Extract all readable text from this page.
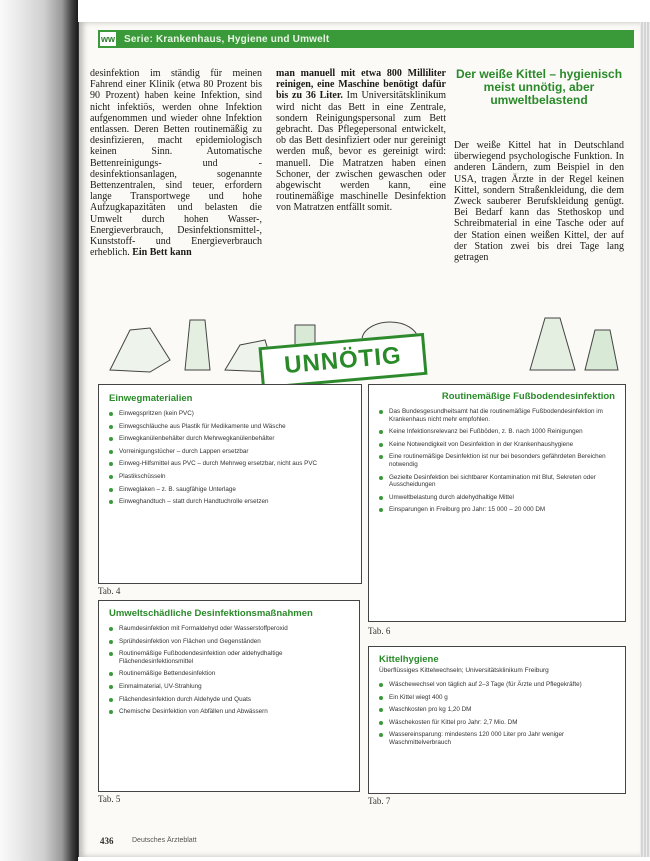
ww Serie: Krankenhaus, Hygiene und Umwelt
desinfektion im ständig für meinen Fahrend einer Klinik (etwa 80 Prozent bis 90 Prozent) haben keine Infektion, sind nicht infektiös, werden ohne Infektion aufgenommen und wieder ohne Infektion entlassen. Deren Betten routinemäßig zu desinfizieren, macht epidemiologisch keinen Sinn. Automatische Bettenreinigungs- und -desinfektionsanlagen, sogenannte Bettenzentralen, sind teuer, erfordern lange Transportwege und hohe Aufzugkapazitäten und belasten die Umwelt durch hohen Wasser-, Energieverbrauch, Desinfektionsmittel-, Kunststoff- und Energieverbrauch erheblich. Ein Bett kann
man manuell mit etwa 800 Milliliter reinigen, eine Maschine benötigt dafür bis zu 36 Liter. Im Universitätsklinikum wird nicht das Bett in eine Zentrale, sondern Reinigungspersonal zum Bett gebracht. Das Pflegepersonal entwickelt, ob das Bett desinfiziert oder nur gereinigt werden muß, bevor es gereinigt wird: manuell. Die Matratzen haben einen Schoner, der zwischen gewaschen oder abgewischt werden kann, eine routinemäßige maschinelle Desinfektion von Matratzen entfällt somit.
Der weiße Kittel – hygienisch meist unnötig, aber umweltbelastend
Der weiße Kittel hat in Deutschland überwiegend psychologische Funktion. In anderen Ländern, zum Beispiel in den USA, tragen Ärzte in der Regel keinen Kittel, sondern Straßenkleidung, die dem Zweck sauberer Berufskleidung genügt. Bei Bedarf kann das Stethoskop und Schreibmaterial in eine Tasche oder auf der Station einen weißen Kittel, der auf der Station zwei bis drei Tage lang getragen
UNNÖTIG
Einwegmaterialien
Einwegspritzen (kein PVC)
Einwegschläuche aus Plastik für Medikamente und Wäsche
Einwegkanülenbehälter durch Mehrwegkanülenbehälter
Vorreinigungstücher – durch Lappen ersetzbar
Einweg-Hilfsmittel aus PVC – durch Mehrweg ersetzbar, nicht aus PVC
Plastikschüsseln
Einweglaken – z. B. saugfähige Unterlage
Einweghandtuch – statt durch Handtuchrolle ersetzen
Tab. 4
Routinemäßige Fußbodendesinfektion
Das Bundesgesundheitsamt hat die routinemäßige Fußbodendesinfektion im Krankenhaus nicht mehr empfohlen.
Keine Infektionsrelevanz bei Fußböden, z. B. nach 1000 Reinigungen
Keine Notwendigkeit von Desinfektion in der Krankenhaushygiene
Eine routinemäßige Desinfektion ist nur bei besonders gefährdeten Bereichen notwendig
Gezielte Desinfektion bei sichtbarer Kontamination mit Blut, Sekreten oder Ausscheidungen
Umweltbelastung durch aldehydhaltige Mittel
Einsparungen in Freiburg pro Jahr: 15 000 – 20 000 DM
Tab. 6
Umweltschädliche Desinfektionsmaßnahmen
Raumdesinfektion mit Formaldehyd oder Wasserstoffperoxid
Sprühdesinfektion von Flächen und Gegenständen
Routinemäßige Fußbodendesinfektion oder aldehydhaltige Flächendesinfektionsmittel
Routinemäßige Bettendesinfektion
Einmalmaterial, UV-Strahlung
Flächendesinfektion durch Aldehyde und Quats
Chemische Desinfektion von Abfällen und Abwässern
Tab. 5
Kittelhygiene
Überflüssiges Kittelwechseln; Universitätsklinikum Freiburg
Wäschewechsel von täglich auf 2–3 Tage (für Ärzte und Pflegekräfte)
Ein Kittel wiegt 400 g
Waschkosten pro kg 1,20 DM
Wäschekosten für Kittel pro Jahr: 2,7 Mio. DM
Wassereinsparung: mindestens 120 000 Liter pro Jahr weniger Waschmittelverbrauch
Tab. 7
436	Deutsches Ärzteblatt
